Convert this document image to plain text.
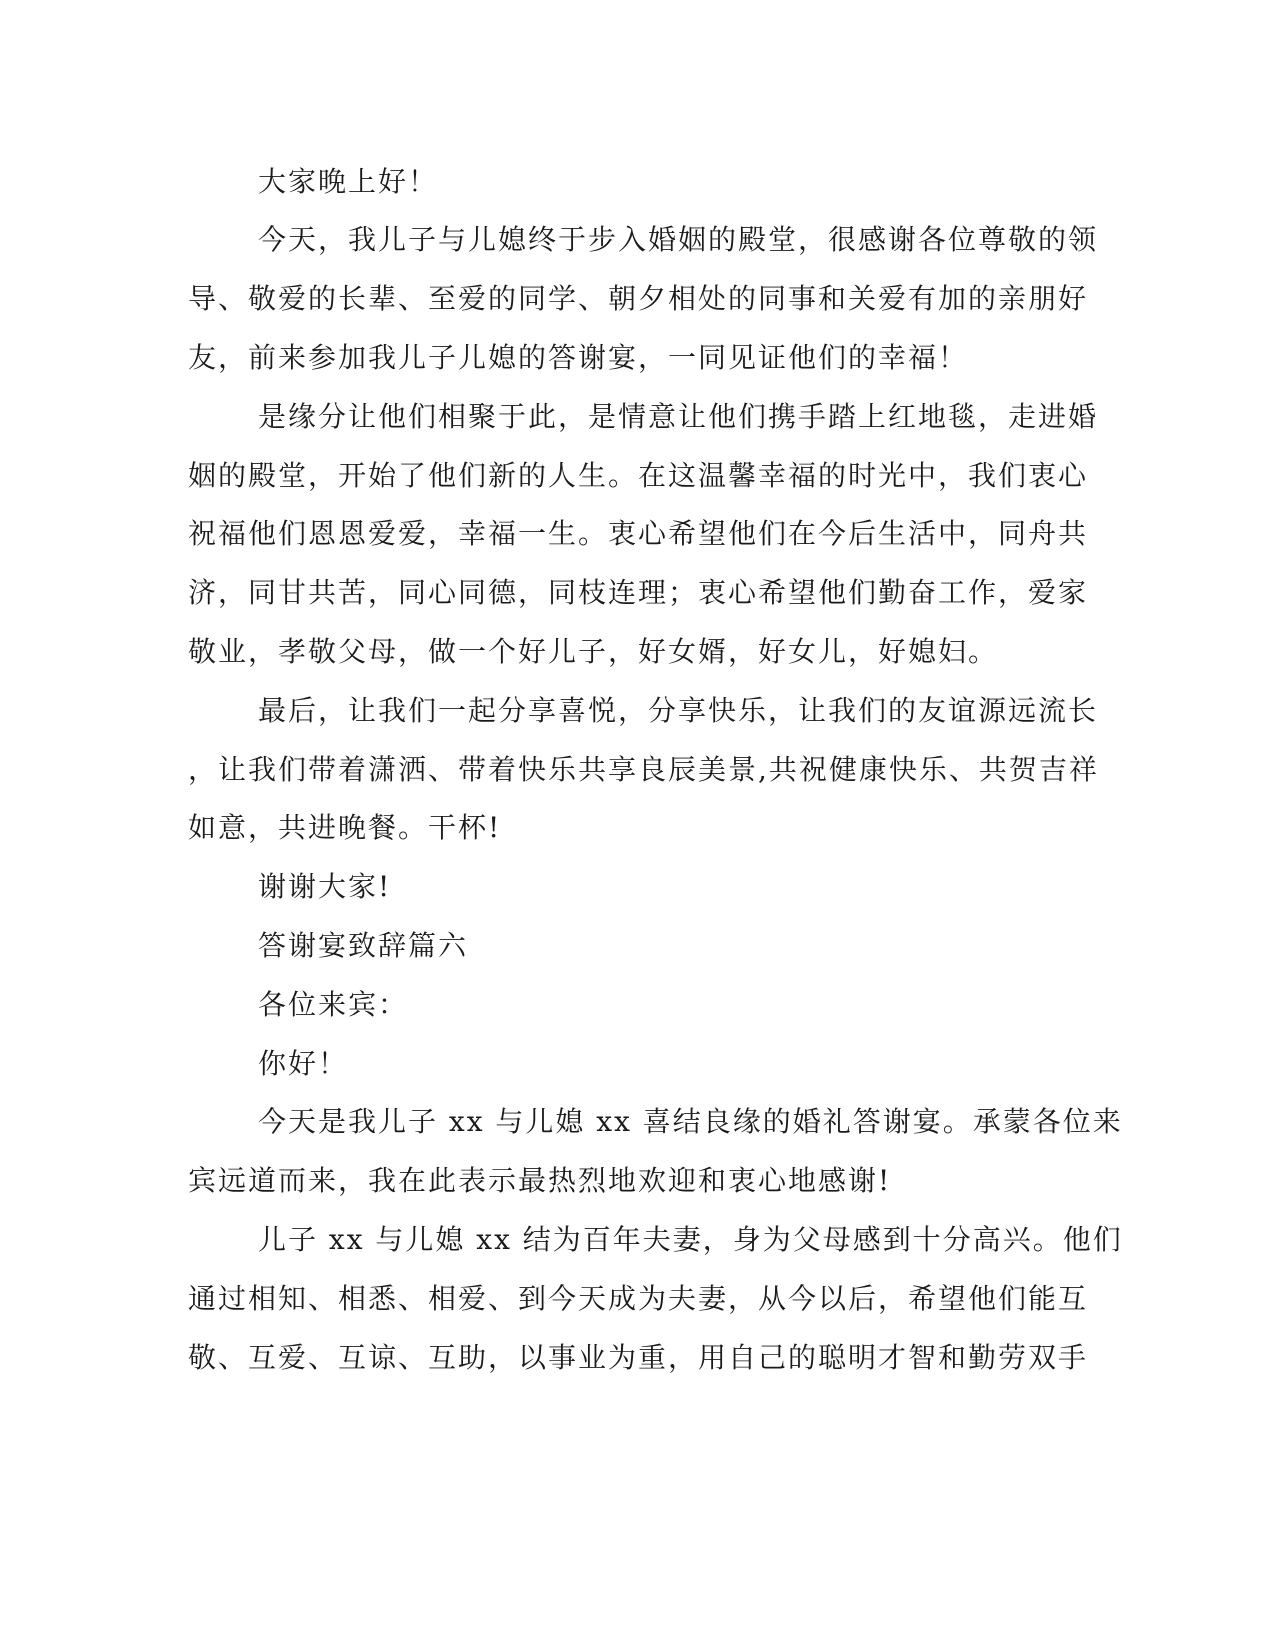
大家晚上好！

今天，我儿子与儿媳终于步入婚姻的殿堂，很感谢各位尊敬的领

导、敬爱的长辈、至爱的同学、朝夕相处的同事和关爱有加的亲朋好

友，前来参加我儿子儿媳的答谢宴，一同见证他们的幸福！

是缘分让他们相聚于此，是情意让他们携手踏上红地毯，走进婚

姻的殿堂，开始了他们新的人生。在这温馨幸福的时光中，我们衷心

祝福他们恩恩爱爱，幸福一生。衷心希望他们在今后生活中，同舟共

济，同甘共苦，同心同德，同枝连理；衷心希望他们勤奋工作，爱家

敬业，孝敬父母，做一个好儿子，好女婿，好女儿，好媳妇。

最后，让我们一起分享喜悦，分享快乐，让我们的友谊源远流长

，让我们带着潇洒、带着快乐共享良辰美景,共祝健康快乐、共贺吉祥

如意，共进晚餐。干杯!

谢谢大家!

答谢宴致辞篇六

各位来宾：

你好！

今天是我儿子 xx 与儿媳 xx 喜结良缘的婚礼答谢宴。承蒙各位来

宾远道而来，我在此表示最热烈地欢迎和衷心地感谢!

儿子 xx 与儿媳 xx 结为百年夫妻，身为父母感到十分高兴。他们

通过相知、相悉、相爱、到今天成为夫妻，从今以后，希望他们能互

敬、互爱、互谅、互助，以事业为重，用自己的聪明才智和勤劳双手
